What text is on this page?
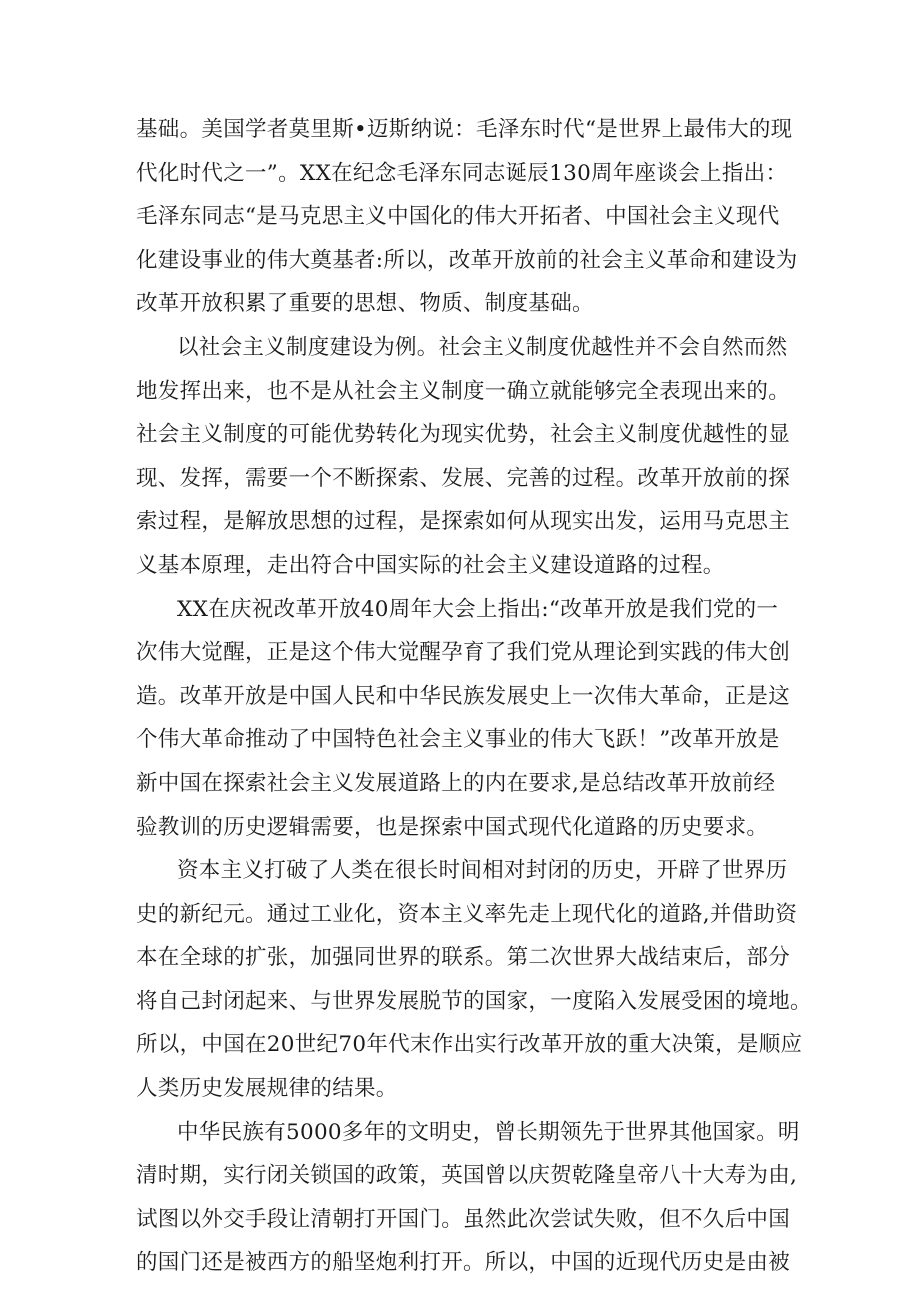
基础。美国学者莫里斯•迈斯纳说：毛泽东时代“是世界上最伟大的现
代化时代之一”。XX在纪念毛泽东同志诞辰130周年座谈会上指出：
毛泽东同志“是马克思主义中国化的伟大开拓者、中国社会主义现代
化建设事业的伟大奠基者:所以，改革开放前的社会主义革命和建设为
改革开放积累了重要的思想、物质、制度基础。
以社会主义制度建设为例。社会主义制度优越性并不会自然而然
地发挥出来，也不是从社会主义制度一确立就能够完全表现出来的。
社会主义制度的可能优势转化为现实优势，社会主义制度优越性的显
现、发挥，需要一个不断探索、发展、完善的过程。改革开放前的探
索过程，是解放思想的过程，是探索如何从现实出发，运用马克思主
义基本原理，走出符合中国实际的社会主义建设道路的过程。
XX在庆祝改革开放40周年大会上指出:“改革开放是我们党的一
次伟大觉醒，正是这个伟大觉醒孕育了我们党从理论到实践的伟大创
造。改革开放是中国人民和中华民族发展史上一次伟大革命，正是这
个伟大革命推动了中国特色社会主义事业的伟大飞跃！”改革开放是
新中国在探索社会主义发展道路上的内在要求,是总结改革开放前经
验教训的历史逻辑需要，也是探索中国式现代化道路的历史要求。
资本主义打破了人类在很长时间相对封闭的历史，开辟了世界历
史的新纪元。通过工业化，资本主义率先走上现代化的道路,并借助资
本在全球的扩张，加强同世界的联系。第二次世界大战结束后，部分
将自己封闭起来、与世界发展脱节的国家，一度陷入发展受困的境地。
所以，中国在20世纪70年代末作出实行改革开放的重大决策，是顺应
人类历史发展规律的结果。
中华民族有5000多年的文明史，曾长期领先于世界其他国家。明
清时期，实行闭关锁国的政策，英国曾以庆贺乾隆皇帝八十大寿为由,
试图以外交手段让清朝打开国门。虽然此次尝试失败，但不久后中国
的国门还是被西方的船坚炮利打开。所以，中国的近现代历史是由被
